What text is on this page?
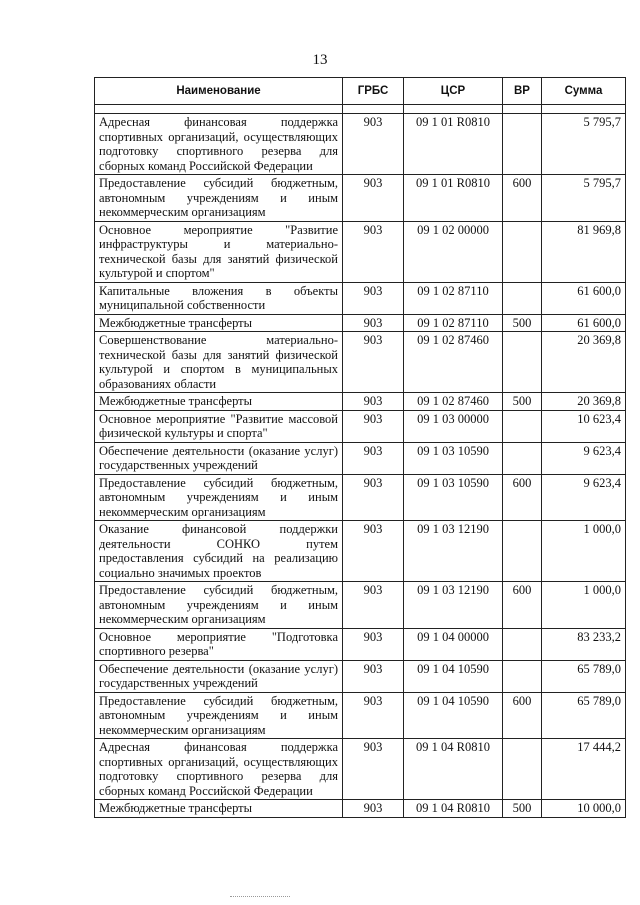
13
Наименование	ГРБС	ЦСР	ВР	Сумма

Адресная финансовая поддержка спортивных организаций, осуществляющих подготовку спортивного резерва для сборных команд Российской Федерации	903	09 1 01 R0810		5 795,7
Предоставление субсидий бюджетным, автономным учреждениям и иным некоммерческим организациям	903	09 1 01 R0810	600	5 795,7
Основное мероприятие "Развитие инфраструктуры и материально-технической базы для занятий физической культурой и спортом"	903	09 1 02 00000		81 969,8
Капитальные вложения в объекты муниципальной собственности	903	09 1 02 87110		61 600,0
Межбюджетные трансферты	903	09 1 02 87110	500	61 600,0
Совершенствование материально-технической базы для занятий физической культурой и спортом в муниципальных образованиях области	903	09 1 02 87460		20 369,8
Межбюджетные трансферты	903	09 1 02 87460	500	20 369,8
Основное мероприятие "Развитие массовой физической культуры и спорта"	903	09 1 03 00000		10 623,4
Обеспечение деятельности (оказание услуг) государственных учреждений	903	09 1 03 10590		9 623,4
Предоставление субсидий бюджетным, автономным учреждениям и иным некоммерческим организациям	903	09 1 03 10590	600	9 623,4
Оказание финансовой поддержки деятельности СОНКО путем предоставления субсидий на реализацию социально значимых проектов	903	09 1 03 12190		1 000,0
Предоставление субсидий бюджетным, автономным учреждениям и иным некоммерческим организациям	903	09 1 03 12190	600	1 000,0
Основное мероприятие "Подготовка спортивного резерва"	903	09 1 04 00000		83 233,2
Обеспечение деятельности (оказание услуг) государственных учреждений	903	09 1 04 10590		65 789,0
Предоставление субсидий бюджетным, автономным учреждениям и иным некоммерческим организациям	903	09 1 04 10590	600	65 789,0
Адресная финансовая поддержка спортивных организаций, осуществляющих подготовку спортивного резерва для сборных команд Российской Федерации	903	09 1 04 R0810		17 444,2
Межбюджетные трансферты	903	09 1 04 R0810	500	10 000,0
